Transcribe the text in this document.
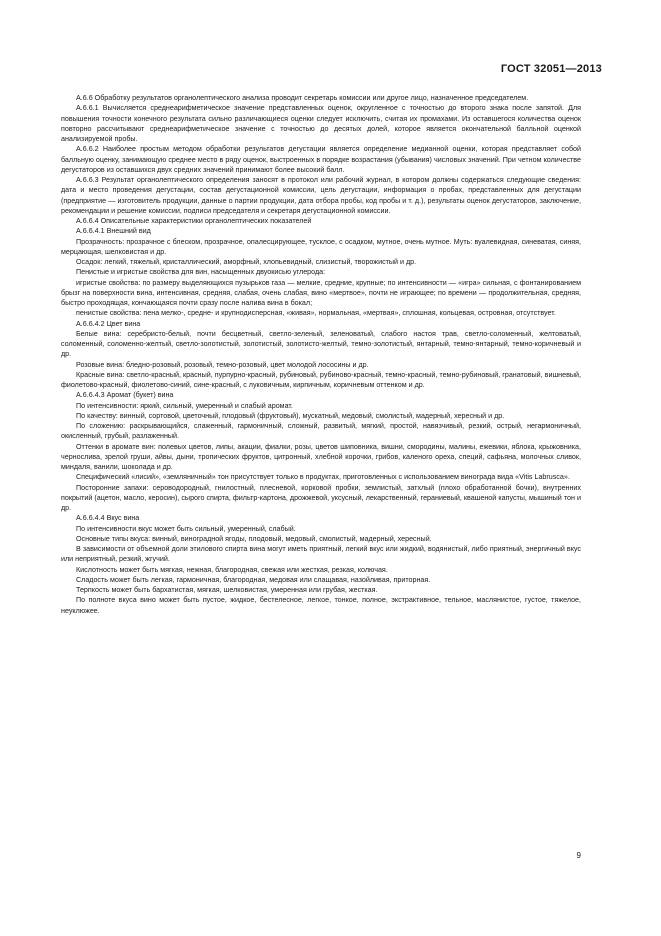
ГОСТ 32051—2013

А.6.6 Обработку результатов органолептического анализа проводит секретарь комиссии или другое лицо, назначенное председателем.

А.6.6.1 Вычисляется среднеарифметическое значение представленных оценок, округленное с точностью до второго знака после запятой. Для повышения точности конечного результата сильно различающиеся оценки следует исключить, считая их промахами. Из оставшегося количества оценок повторно рассчитывают среднеарифметическое значение с точностью до десятых долей, которое является окончательной балльной оценкой анализируемой пробы.

А.6.6.2 Наиболее простым методом обработки результатов дегустации является определение медианной оценки, которая представляет собой балльную оценку, занимающую среднее место в ряду оценок, выстроенных в порядке возрастания (убывания) числовых значений. При четном количестве дегустаторов из оставшихся двух средних значений принимают более высокий балл.

А.6.6.3 Результат органолептического определения заносят в протокол или рабочий журнал, в котором должны содержаться следующие сведения: дата и место проведения дегустации, состав дегустационной комиссии, цель дегустации, информация о пробах, представленных для дегустации (предприятие — изготовитель продукции, данные о партии продукции, дата отбора пробы, код пробы и т. д.), результаты оценок дегустаторов, заключение, рекомендации и решение комиссии, подписи председателя и секретаря дегустационной комиссии.

А.6.6.4 Описательные характеристики органолептических показателей

А.6.6.4.1 Внешний вид

Прозрачность: прозрачное с блеском, прозрачное, опалесцирующее, тусклое, с осадком, мутное, очень мутное. Муть: вуалевидная, синеватая, синяя, мерцающая, шелковистая и др.

Осадок: легкий, тяжелый, кристаллический, аморфный, хлопьевидный, слизистый, творожистый и др.

Пенистые и игристые свойства для вин, насыщенных двуокисью углерода:

игристые свойства: по размеру выделяющихся пузырьков газа — мелкие, средние, крупные; по интенсивности — «игра» сильная, с фонтанированием брызг на поверхности вина, интенсивная, средняя, слабая, очень слабая, вино «мертвое», почти не играющее; по времени — продолжительная, средняя, быстро проходящая, кончающаяся почти сразу после налива вина в бокал;

пенистые свойства: пена мелко-, средне- и крупнодисперсная, «живая», нормальная, «мертвая», сплошная, кольцевая, островная, отсутствует.

А.6.6.4.2 Цвет вина

Белые вина: серебристо-белый, почти бесцветный, светло-зеленый, зеленоватый, слабого настоя трав, светло-соломенный, желтоватый, соломенный, соломенно-желтый, светло-золотистый, золотистый, золотисто-желтый, темно-золотистый, янтарный, темно-янтарный, темно-коричневый и др.

Розовые вина: бледно-розовый, розовый, темно-розовый, цвет молодой лососины и др.

Красные вина: светло-красный, красный, пурпурно-красный, рубиновый, рубиново-красный, темно-красный, темно-рубиновый, гранатовый, вишневый, фиолетово-красный, фиолетово-синий, сине-красный, с луковичным, кирпичным, коричневым оттенком и др.

А.6.6.4.3 Аромат (букет) вина

По интенсивности: яркий, сильный, умеренный и слабый аромат.

По качеству: винный, сортовой, цветочный, плодовый (фруктовый), мускатный, медовый, смолистый, мадерный, хересный и др.

По сложению: раскрывающийся, слаженный, гармоничный, сложный, развитый, мягкий, простой, навязчивый, резкий, острый, негармоничный, окисленный, грубый, разлаженный.

Оттенки в аромате вин: полевых цветов, липы, акации, фиалки, розы, цветов шиповника, вишни, смородины, малины, ежевики, яблока, крыжовника, чернослива, зрелой груши, айвы, дыни, тропических фруктов, цитронный, хлебной корочки, грибов, каленого ореха, специй, сафьяна, молочных сливок, миндаля, ванили, шоколада и др.

Специфический «лисий», «земляничный» тон присутствует только в продуктах, приготовленных с использованием винограда вида «Vitis Labrusca».

Посторонние запахи: сероводородный, гнилостный, плесневой, корковой пробки, землистый, затхлый (плохо обработанной бочки), внутренних покрытий (ацетон, масло, керосин), сырого спирта, фильтр-картона, дрожжевой, уксусный, лекарственный, гераниевый, квашеной капусты, мышиный тон и др.

А.6.6.4.4 Вкус вина

По интенсивности вкус может быть сильный, умеренный, слабый.

Основные типы вкуса: винный, виноградной ягоды, плодовый, медовый, смолистый, мадерный, хересный.

В зависимости от объемной доли этилового спирта вина могут иметь приятный, легкий вкус или жидкий, водянистый, либо приятный, энергичный вкус или неприятный, резкий, жгучий.

Кислотность может быть мягкая, нежная, благородная, свежая или жесткая, резкая, колючая.

Сладость может быть легкая, гармоничная, благородная, медовая или слащавая, назойливая, приторная.

Терпкость может быть бархатистая, мягкая, шелковистая, умеренная или грубая, жесткая.

По полноте вкуса вино может быть пустое, жидкое, бестелесное, легкое, тонкое, полное, экстрактивное, тельное, маслянистое, густое, тяжелое, неуклюжее.

9
